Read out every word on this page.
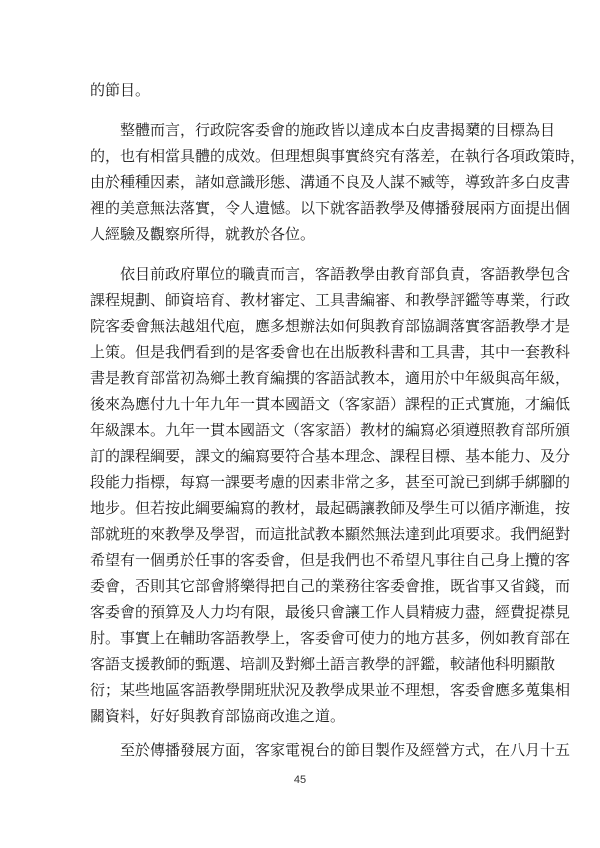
的節目。
整體而言，行政院客委會的施政皆以達成本白皮書揭櫫的目標為目
的，也有相當具體的成效。但理想與事實終究有落差，在執行各項政策時，
由於種種因素，諸如意識形態、溝通不良及人謀不臧等，導致許多白皮書
裡的美意無法落實，令人遺憾。以下就客語教學及傳播發展兩方面提出個
人經驗及觀察所得，就教於各位。
依目前政府單位的職責而言，客語教學由教育部負責，客語教學包含
課程規劃、師資培育、教材審定、工具書編審、和教學評鑑等專業，行政
院客委會無法越俎代庖，應多想辦法如何與教育部協調落實客語教學才是
上策。但是我們看到的是客委會也在出版教科書和工具書，其中一套教科
書是教育部當初為鄉土教育編撰的客語試教本，適用於中年級與高年級，
後來為應付九十年九年一貫本國語文（客家語）課程的正式實施，才編低
年級課本。九年一貫本國語文（客家語）教材的編寫必須遵照教育部所頒
訂的課程綱要，課文的編寫要符合基本理念、課程目標、基本能力、及分
段能力指標，每寫一課要考慮的因素非常之多，甚至可說已到綁手綁腳的
地步。但若按此綱要編寫的教材，最起碼讓教師及學生可以循序漸進，按
部就班的來教學及學習，而這批試教本顯然無法達到此項要求。我們絕對
希望有一個勇於任事的客委會，但是我們也不希望凡事往自己身上攬的客
委會，否則其它部會將樂得把自己的業務往客委會推，既省事又省錢，而
客委會的預算及人力均有限，最後只會讓工作人員精疲力盡，經費捉襟見
肘。事實上在輔助客語教學上，客委會可使力的地方甚多，例如教育部在
客語支援教師的甄選、培訓及對鄉土語言教學的評鑑，較諸他科明顯散
衍；某些地區客語教學開班狀況及教學成果並不理想，客委會應多蒐集相
關資料，好好與教育部協商改進之道。
至於傳播發展方面，客家電視台的節目製作及經營方式，在八月十五
45
